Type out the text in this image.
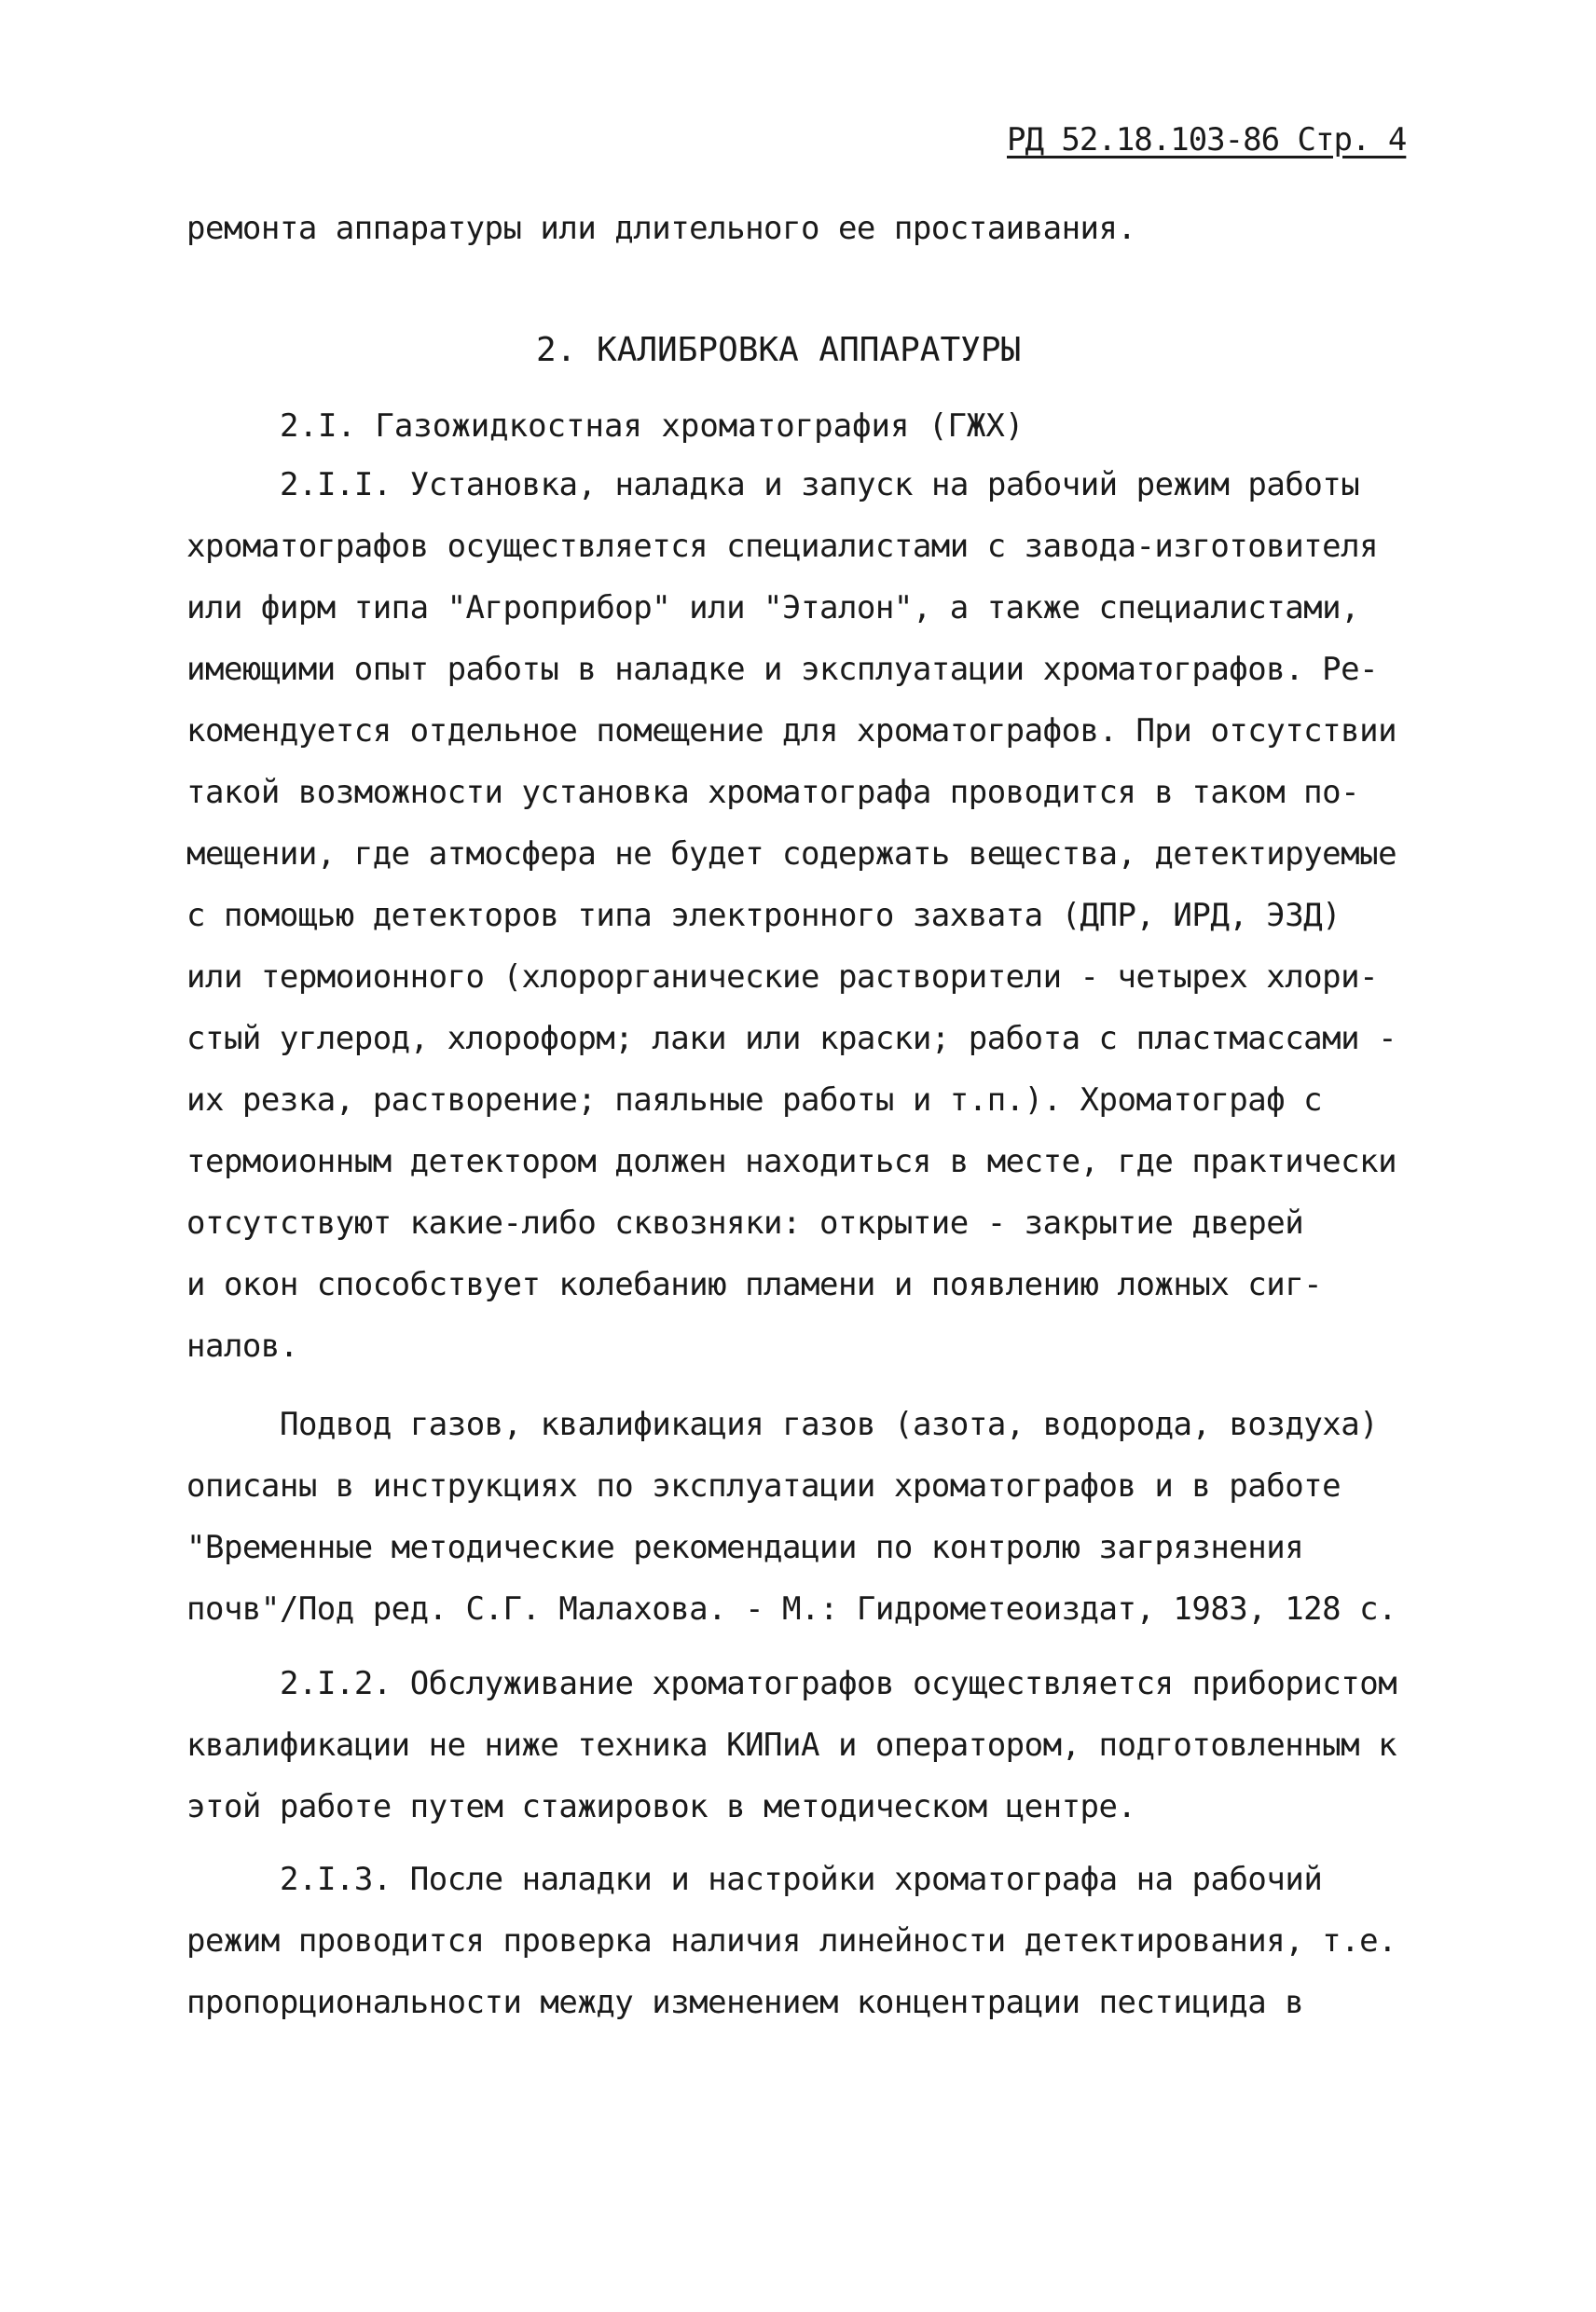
РД 52.18.103-86 Стр. 4
ремонта аппаратуры или длительного ее простаивания.
2. КАЛИБРОВКА АППАРАТУРЫ
2.I. Газожидкостная хроматография (ГЖХ)
2.I.I. Установка, наладка и запуск на рабочий режим работы
хроматографов осуществляется специалистами с завода-изготовителя
или фирм типа "Агроприбор" или "Эталон", а также специалистами,
имеющими опыт работы в наладке и эксплуатации хроматографов. Ре-
комендуется отдельное помещение для хроматографов. При отсутствии
такой возможности установка хроматографа проводится в таком по-
мещении, где атмосфера не будет содержать вещества, детектируемые
с помощью детекторов типа электронного захвата (ДПР, ИРД, ЭЗД)
или термоионного (хлорорганические растворители - четырех хлори-
стый углерод, хлороформ; лаки или краски; работа с пластмассами -
их резка, растворение; паяльные работы и т.п.). Хроматограф с
термоионным детектором должен находиться в месте, где практически
отсутствуют какие-либо сквозняки: открытие - закрытие дверей
и окон способствует колебанию пламени и появлению ложных сиг-
налов.
Подвод газов, квалификация газов (азота, водорода, воздуха)
описаны в инструкциях по эксплуатации хроматографов и в работе
"Временные методические рекомендации по контролю загрязнения
почв"/Под ред. С.Г. Малахова. - М.: Гидрометеоиздат, 1983, 128 с.
2.I.2. Обслуживание хроматографов осуществляется прибористом
квалификации не ниже техника КИПиА и оператором, подготовленным к
этой работе путем стажировок в методическом центре.
2.I.3. После наладки и настройки хроматографа на рабочий
режим проводится проверка наличия линейности детектирования, т.е.
пропорциональности между изменением концентрации пестицида в
